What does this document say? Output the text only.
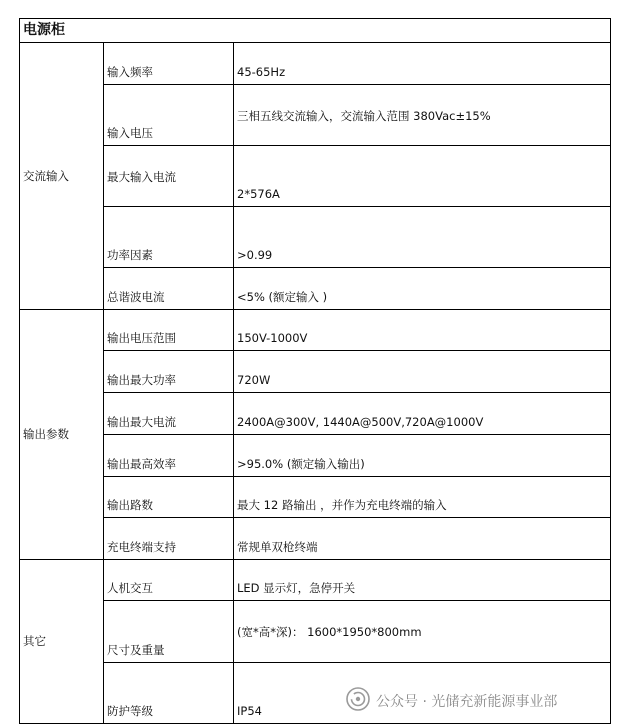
电源柜		
交流输入	输入频率	45-65Hz
	输入电压	三相五线交流输入，交流输入范围 380Vac±15%
	最大输入电流	2*576A
	功率因素	>0.99
	总谐波电流	<5% (额定输入 )
输出参数	输出电压范围	150V-1000V
	输出最大功率	720W
	输出最大电流	2400A@300V, 1440A@500V,720A@1000V
	输出最高效率	>95.0% (额定输入输出)
	输出路数	最大 12 路输出 ，并作为充电终端的输入
	充电终端支持	常规单双枪终端
其它	人机交互	LED 显示灯，急停开关
	尺寸及重量	(宽*高*深)： 1600*1950*800mm
	防护等级	IP54
公众号 · 光储充新能源事业部
